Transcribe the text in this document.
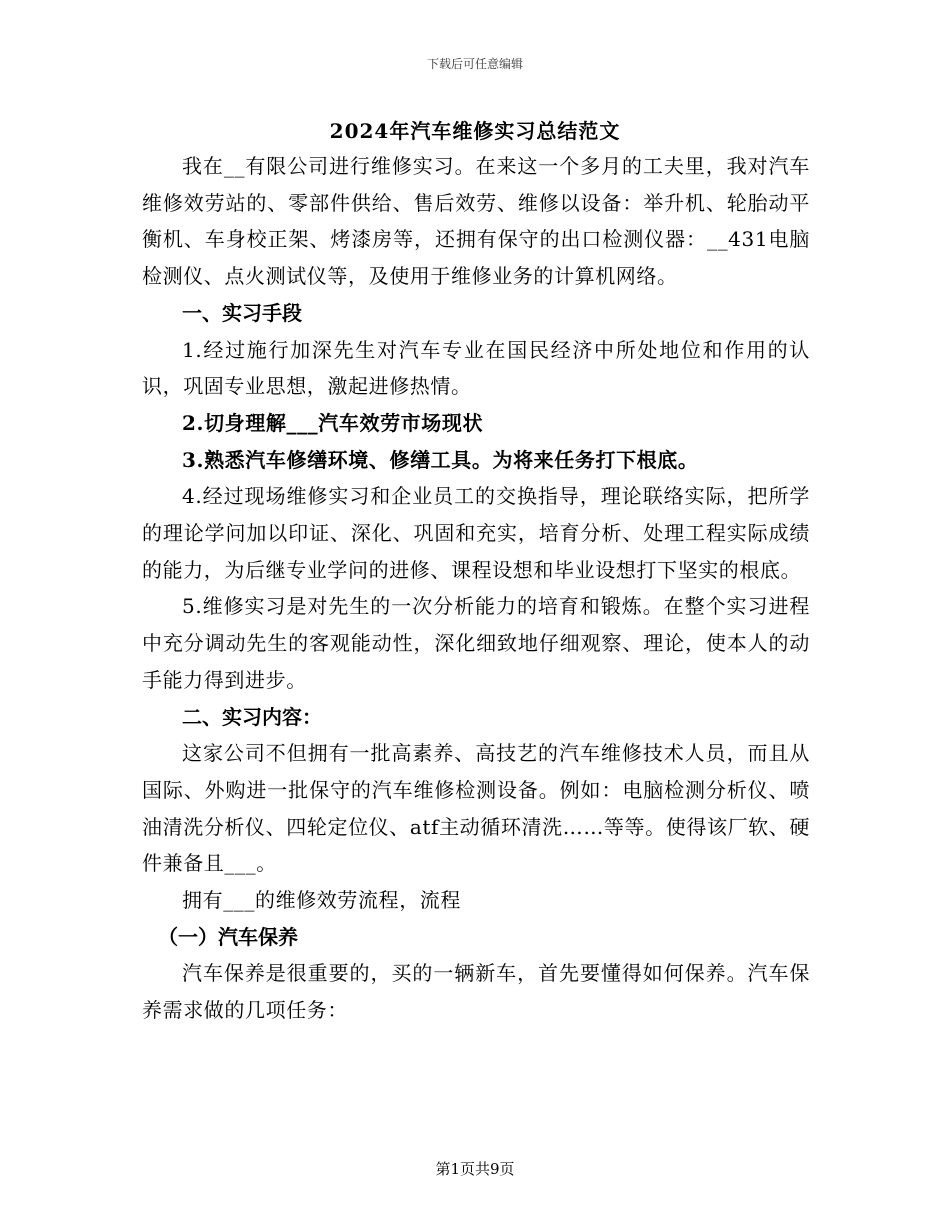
下载后可任意编辑
2024年汽车维修实习总结范文

我在__有限公司进行维修实习。在来这一个多月的工夫里，我对汽车维修效劳站的、零部件供给、售后效劳、维修以设备：举升机、轮胎动平衡机、车身校正架、烤漆房等，还拥有保守的出口检测仪器：__431电脑检测仪、点火测试仪等，及使用于维修业务的计算机网络。

一、实习手段

1.经过施行加深先生对汽车专业在国民经济中所处地位和作用的认识，巩固专业思想，激起进修热情。

2.切身理解___汽车效劳市场现状

3.熟悉汽车修缮环境、修缮工具。为将来任务打下根底。

4.经过现场维修实习和企业员工的交换指导，理论联络实际，把所学的理论学问加以印证、深化、巩固和充实，培育分析、处理工程实际成绩的能力，为后继专业学问的进修、课程设想和毕业设想打下坚实的根底。

5.维修实习是对先生的一次分析能力的培育和锻炼。在整个实习进程中充分调动先生的客观能动性，深化细致地仔细观察、理论，使本人的动手能力得到进步。

二、实习内容：

这家公司不但拥有一批高素养、高技艺的汽车维修技术人员，而且从国际、外购进一批保守的汽车维修检测设备。例如：电脑检测分析仪、喷油清洗分析仪、四轮定位仪、atf主动循环清洗……等等。使得该厂软、硬件兼备且___。

拥有___的维修效劳流程，流程

（一）汽车保养

汽车保养是很重要的，买的一辆新车，首先要懂得如何保养。汽车保养需求做的几项任务：

第1页共9页
